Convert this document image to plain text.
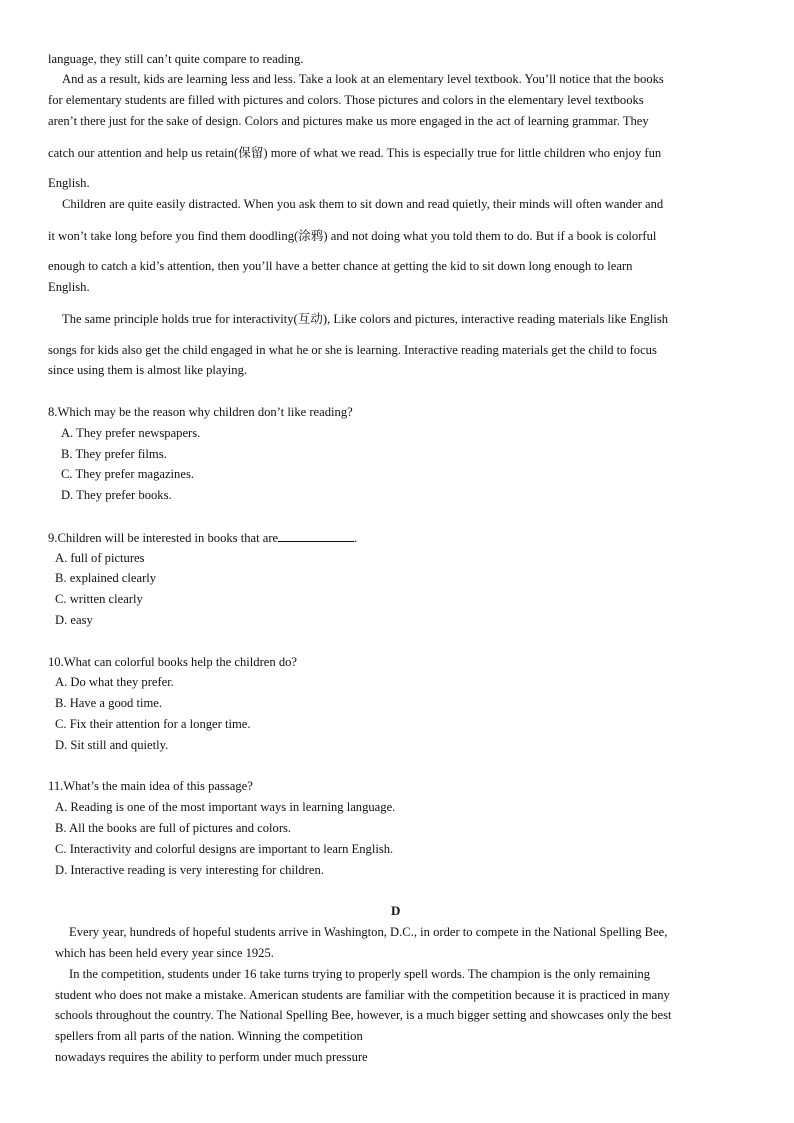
language, they still can’t quite compare to reading.
And as a result, kids are learning less and less. Take a look at an elementary level textbook. You’ll notice that the books
for elementary students are filled with pictures and colors. Those pictures and colors in the elementary level textbooks
aren’t there just for the sake of design. Colors and pictures make us more engaged in the act of learning grammar. They
catch our attention and help us retain(保留) more of what we read. This is especially true for little children who enjoy fun
English.
Children are quite easily distracted. When you ask them to sit down and read quietly, their minds will often wander and
it won’t take long before you find them doodling(涂鸦) and not doing what you told them to do. But if a book is colorful
enough to catch a kid’s attention, then you’ll have a better chance at getting the kid to sit down long enough to learn
English.
The same principle holds true for interactivity(互动), Like colors and pictures, interactive reading materials like English
songs for kids also get the child engaged in what he or she is learning. Interactive reading materials get the child to focus
since using them is almost like playing.
8.Which may be the reason why children don’t like reading?
A. They prefer newspapers.
B. They prefer films.
C. They prefer magazines.
D. They prefer books.
9.Children will be interested in books that are	.
A. full of pictures
B. explained clearly
C. written clearly
D. easy
10.What can colorful books help the children do?
A. Do what they prefer.
B. Have a good time.
C. Fix their attention for a longer time.
D. Sit still and quietly.
11.What’s the main idea of this passage?
A. Reading is one of the most important ways in learning language.
B. All the books are full of pictures and colors.
C. Interactivity and colorful designs are important to learn English.
D. Interactive reading is very interesting for children.
D
Every year, hundreds of hopeful students arrive in Washington, D.C., in order to compete in the National Spelling Bee,
which has been held every year since 1925.
In the competition, students under 16 take turns trying to properly spell words. The champion is the only remaining
student who does not make a mistake. American students are familiar with the competition because it is practiced in many
schools throughout the country. The National Spelling Bee, however, is a much bigger setting and showcases only the best
spellers from all parts of the nation. Winning the competition
nowadays requires the ability to perform under much pressure
